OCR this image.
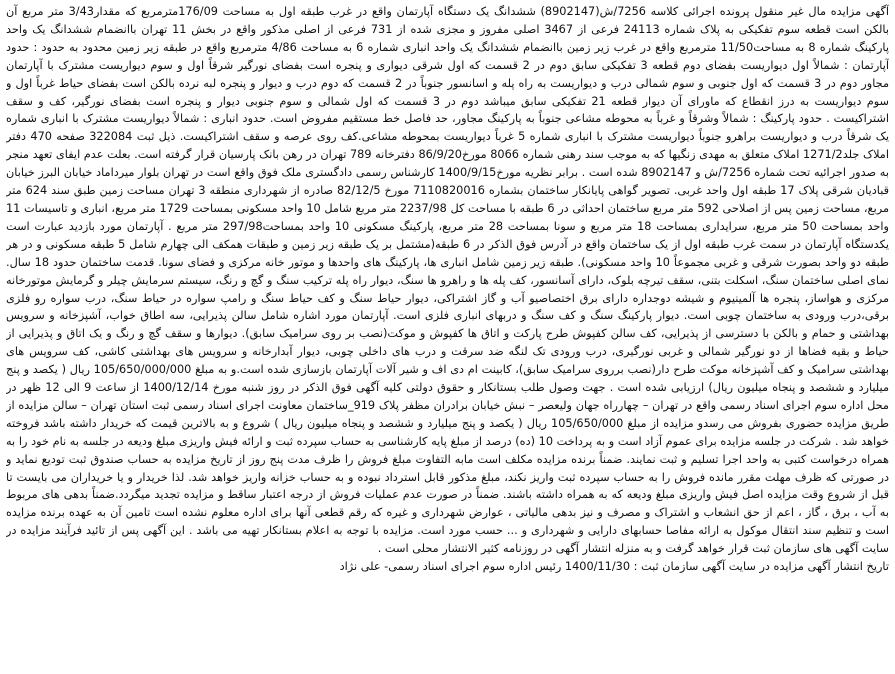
آگهی مزایده مال غیر منقول پرونده اجرائی کلاسه 7256/ش(8902147) ششدانگ یک دستگاه آپارتمان واقع در غرب طبقه اول به مساحت 176/09مترمربع که مقدار3/43 متر مربع آن بالکن است قطعه سوم تفکیکی به پلاک شماره 24113 فرعی از 3467 اصلی مفروز و مجزی شده از 731 فرعی از اصلی مذکور واقع در بخش 11 تهران باانضمام ششدانگ یک واحد پارکینگ شماره 8 به مساحت11/50 مترمربع واقع در غرب زیر زمین باانضمام ششدانگ یک واحد انباری شماره 6 به مساحت 4/86 مترمربع واقع در طبقه زیر زمین محدود به حدود : حدود آپارتمان : شمالاً اول دیواریست بفضای دوم قطعه 3 تفکیکی سابق دوم در 2 قسمت که اول شرقی دیواری و پنجره است بفضای نورگیر شرقاً اول و سوم دیواریست مشترک با آپارتمان مجاور دوم در 3 قسمت که اول جنوبی و سوم شمالی درب و دیواریست به راه پله و اسانسور جنوباً در 2 قسمت که دوم درب و دیوار و پنجره لبه نرده بالکن است بفضای حیاط غرباً اول و سوم دیواریست به درز انقطاع که ماورای آن دیوار قطعه 21 تفکیکی سابق میباشد دوم در 3 قسمت که اول شمالی و سوم جنوبی دیوار و پنجره است بفضای نورگیر، کف و سقف اشتراکیست . حدود پارکینگ : شمالاً وشرقاً و غرباً به محوطه مشاعی جنوباً به پارکینگ مجاور، حد فاصل خط مستقیم مفروض است. حدود انباری : شمالاً دیواریست مشترک با انباری شماره یک شرقاً درب و دیواریست براهرو جنوباً دیواریست مشترک با انباری شماره 5 غرباً دیواریست بمحوطه مشاعی.کف روی عرصه و سقف اشتراکیست. ذیل ثبت 322084 صفحه 470 دفتر املاک جلد1271/2 املاک متعلق به مهدی زنگیها که به موجب سند رهنی شماره 8066 مورخ86/9/20 دفترخانه 789 تهران در رهن بانک پارسیان قرار گرفته است. بعلت عدم ایفای تعهد منجر به صدور اجرائیه تحت شماره 7256/ش و 8902147 شده است . برابر نظریه مورخ1400/9/15 کارشناس رسمی دادگستری ملک فوق واقع است در تهران بلوار میرداماد خیابان البرز خیابان قبادیان شرقی پلاک 17 طبقه اول واحد غربی. تصویر گواهی پایانکار ساختمان بشماره 7110820016 مورخ 82/12/5 صادره از شهرداری منطقه 3 تهران مساحت زمین طبق سند 624 متر مربع، مساحت زمین پس از اصلاحی 592 متر مربع ساختمان احداثی در 6 طبقه با مساحت کل 2237/98 متر مربع شامل 10 واحد مسکونی بمساحت 1729 متر مربع، انباری و تاسیسات 11 واحد بمساحت 50 متر مربع، سرایداری بمساحت 18 متر مربع و سونا بمساحت 28 متر مربع، پارکینگ مسکونی 10 واحد بمساحت297/98 متر مربع . آپارتمان مورد بازدید عبارت است یکدستگاه آپارتمان در سمت غرب طبقه اول از یک ساختمان واقع در آدرس فوق الذکر در 6 طبقه(مشتمل بر یک طبقه زیر زمین و طبقات همکف الی چهارم شامل 5 طبقه مسکونی و در هر طبقه دو واحد بصورت شرقی و غربی مجموعاً 10 واحد مسکونی). طبقه زیر زمین شامل انباری ها، پارکینگ های واحدها و موتور خانه مرکزی و فضای سونا. قدمت ساختمان حدود 18 سال. نمای اصلی ساختمان سنگ، اسکلت بتنی، سقف تیرچه بلوک، دارای آسانسور، کف پله ها و راهرو ها سنگ، دیوار راه پله ترکیب سنگ و گچ و رنگ، سیستم سرمایش چیلر و گرمایش موتورخانه مرکزی و هواساز، پنجره ها آلمینیوم و شیشه دوجداره دارای برق اختصاصیو آب و گاز اشتراکی، دیوار حیاط سنگ و کف حیاط سنگ و رامپ سواره در حیاط سنگ، درب سواره رو فلزی برقی،درب ورودی به ساختمان چوبی است. دیوار پارکینگ سنگ و کف سنگ و دربهای انباری فلزی است. آپارتمان مورد اشاره شامل سالن پذیرایی، سه اطاق خواب، آشپزخانه و سرویس بهداشتی و حمام و بالکن با دسترسی از پذیرایی، کف سالن کفپوش طرح پارکت و اتاق ها کفپوش و موکت(نصب بر روی سرامیک سابق). دیوارها و سقف گچ و رنگ و یک اتاق و پذیرایی از حیاط و بقیه فضاها از دو نورگیر شمالی و غربی نورگیری، درب ورودی تک لنگه ضد سرقت و درب های داخلی چوبی، دیوار آبدارخانه و سرویس های بهداشتی کاشی، کف سرویس های بهداشتی سرامیک و کف آشپزخانه موکت طرح دار(نصب برروی سرامیک سابق)، کابینت ام دی اف و شیر آلات آپارتمان بازسازی شده است.و به مبلغ 105/650/000/000 ریال ( یکصد و پنج میلیارد و ششصد و پنجاه میلیون ریال) ارزیابی شده است . جهت وصول طلب بستانکار و حقوق دولتی کلیه آگهی فوق الذکر در روز شنبه مورخ 1400/12/14 از ساعت 9 الی 12 ظهر در محل اداره سوم اجرای اسناد رسمی واقع در تهران – چهارراه جهان ولیعصر – نبش خیابان برادران مظفر پلاک 919_ساختمان معاونت اجرای اسناد رسمی ثبت استان تهران – سالن مزایده از طریق مزایده حضوری بفروش می رسدو مزایده از مبلغ 105/650/000 ریال ( یکصد و پنج میلیارد و ششصد و پنجاه میلیون ریال ) شروع و به بالاترین قیمت که خریدار داشته باشد فروخته خواهد شد . شرکت در جلسه مزایده برای عموم آزاد است و به پرداخت 10 (ده) درصد از مبلغ پایه کارشناسی به حساب سپرده ثبت و ارائه فیش واریزی مبلغ ودیعه در جلسه به نام خود را به همراه درخواست کتبی به واحد اجرا تسلیم و ثبت نمایند. ضمناً برنده مزایده مکلف است مابه التفاوت مبلغ فروش را ظرف مدت پنج روز از تاریخ مزایده به حساب صندوق ثبت تودیع نماید و در صورتی که ظرف مهلت مقرر مانده فروش را به حساب سپرده ثبت واریز نکند، مبلغ مذکور قابل استرداد نبوده و به حساب خزانه واریز خواهد شد. لذا خریدار و یا خریداران می بایست تا قبل از شروع وقت مزایده اصل فیش واریزی مبلغ ودیعه که به همراه داشته باشند. ضمناً در صورت عدم عملیات فروش از درجه اعتبار ساقط و مزایده تجدید میگردد.ضمناً بدهی های مربوط به آب ، برق ، گاز ، اعم از حق انشعاب و اشتراک و مصرف و نیز بدهی مالیاتی ، عوارض شهرداری و غیره که رقم قطعی آنها برای اداره معلوم نشده است تامین آن به عهده برنده مزایده است و تنظیم سند انتقال موکول به ارائه مفاصا حسابهای دارایی و شهرداری و ... حسب مورد است. مزایده با توجه به اعلام بستانکار تهیه می باشد . این آگهی پس از تائید فرآیند مزایده در سایت آگهی های سازمان ثبت قرار خواهد گرفت و به منزله انتشار آگهی در روزنامه کثیر الانتشار محلی است .

تاریخ انتشار آگهی مزایده در سایت آگهی سازمان ثبت : 1400/11/30 رئیس اداره سوم اجرای اسناد رسمی- علی نژاد
